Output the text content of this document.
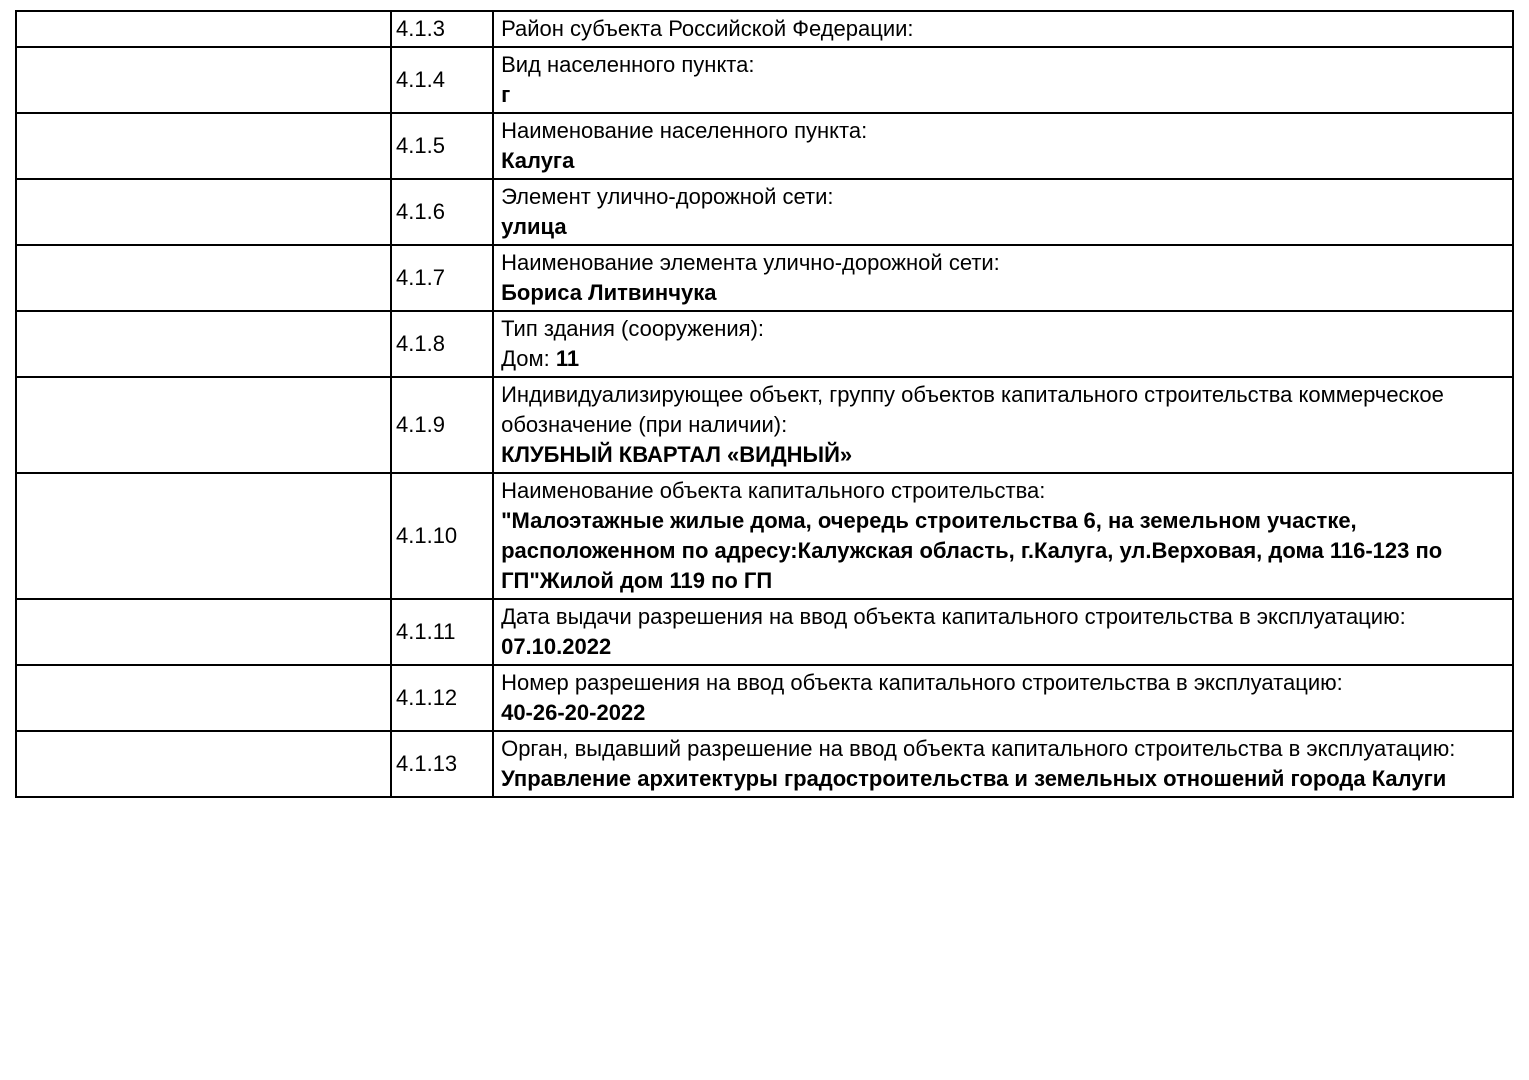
	4.1.3	Район субъекта Российской Федерации:

	4.1.4	Вид населенного пункта:
г

	4.1.5	Наименование населенного пункта:
Калуга

	4.1.6	Элемент улично-дорожной сети:
улица

	4.1.7	Наименование элемента улично-дорожной сети:
Бориса Литвинчука

	4.1.8	Тип здания (сооружения):
Дом: 11

	4.1.9	Индивидуализирующее объект, группу объектов капитального строительства коммерческое обозначение (при наличии):
КЛУБНЫЙ КВАРТАЛ «ВИДНЫЙ»

	4.1.10	Наименование объекта капитального строительства:
"Малоэтажные жилые дома, очередь строительства 6, на земельном участке, расположенном по адресу:Калужская область, г.Калуга, ул.Верховая, дома 116-123 по ГП"Жилой дом 119 по ГП

	4.1.11	Дата выдачи разрешения на ввод объекта капитального строительства в эксплуатацию:
07.10.2022

	4.1.12	Номер разрешения на ввод объекта капитального строительства в эксплуатацию:
40-26-20-2022

	4.1.13	Орган, выдавший разрешение на ввод объекта капитального строительства в эксплуатацию:
Управление архитектуры градостроительства и земельных отношений города Калуги
